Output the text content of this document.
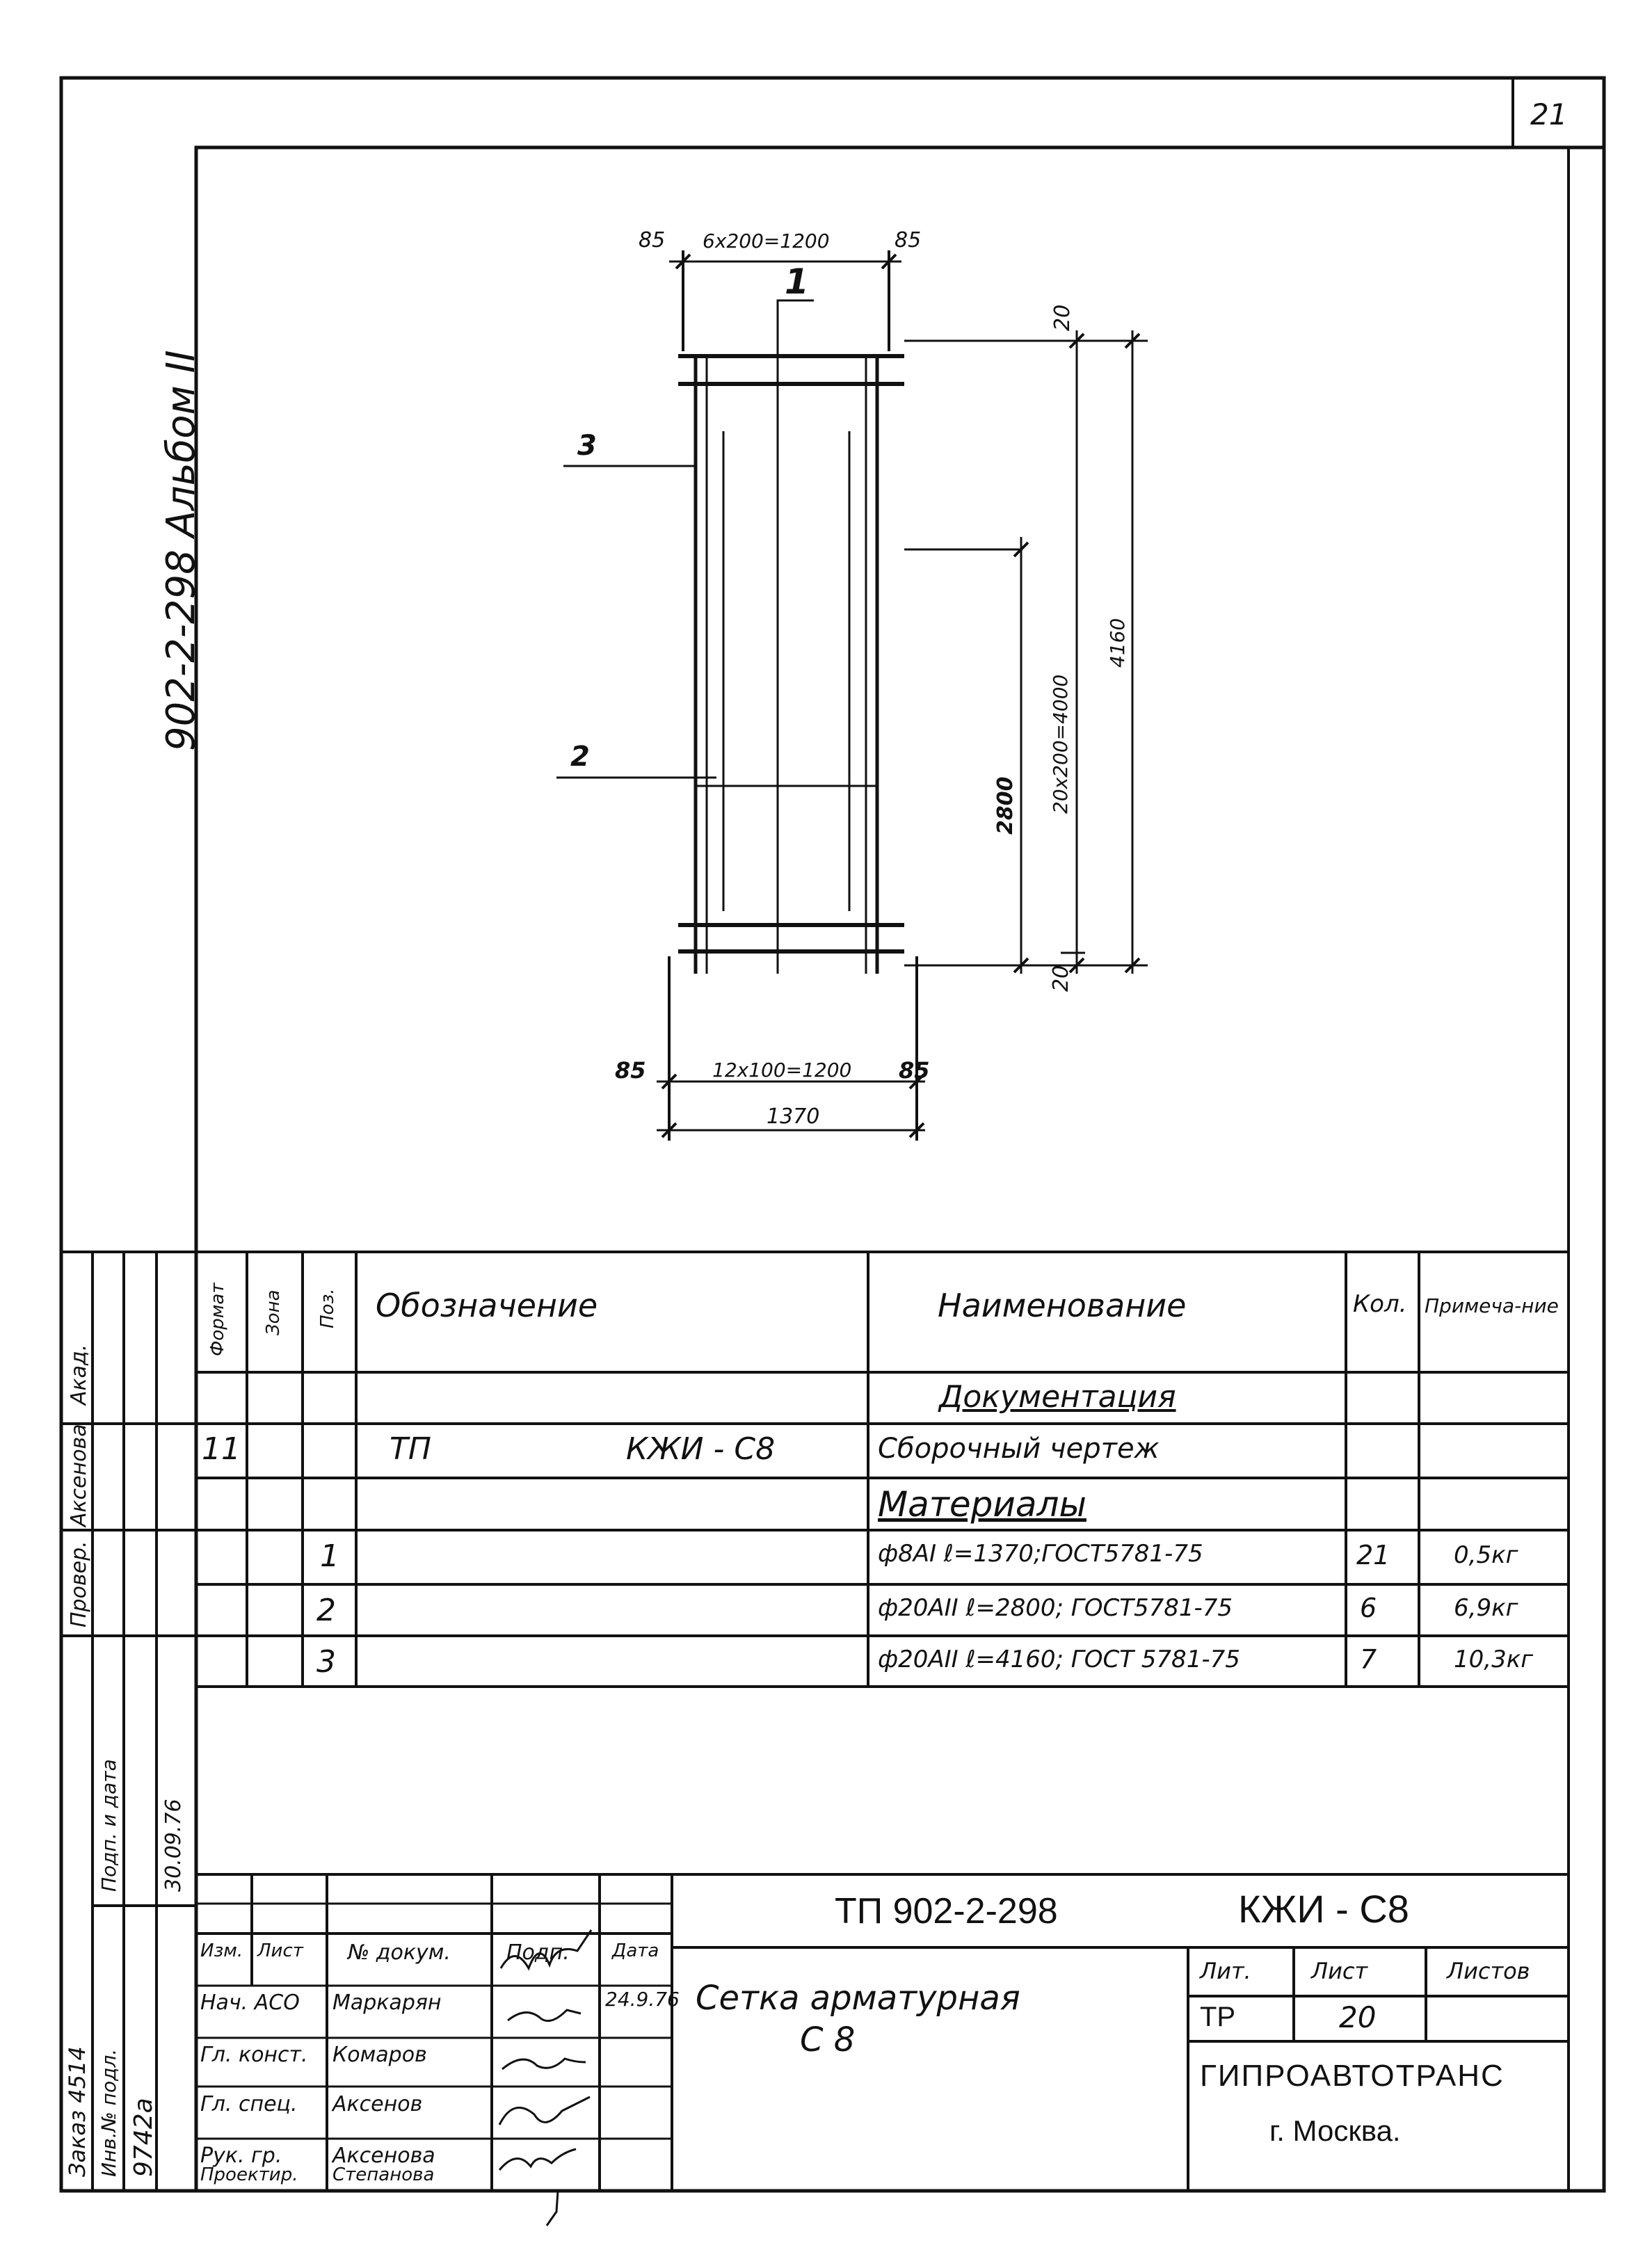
21
902-2-298 Альбом II
85 6x200=1200	85
1
3
2
85	12x100=1200 85
1370
20
20
2800 20x200=4000
4160
Формат Зона Поз. Обозначение	Наименование	Кол. Примеча-ние
Документация
11	ТП	КЖИ - С8	Сборочный чертеж
Материалы
1	ф8AI ℓ=1370;ГОСТ5781-75	21	0,5кг
2	ф20AII ℓ=2800; ГОСТ5781-75	6	6,9кг
3	ф20AII ℓ=4160; ГОСТ 5781-75	7	10,3кг
Заказ 4514 Инв.№ подл. 9742а
Подп. и дата 30.09.76
Провер.
Аксенова
Акад.
ТП 902-2-298	КЖИ - С8
Изм. Лист № докум.	Подп. Дата
Нач. ACO Маркарян	24.9.76
Гл. конст. Комаров
Гл. спец. Аксенов
Рук. гр. Аксенова
Проектир. Степанова
Сетка арматурная
С 8
Лит.	Лист	Листов
ТР	20
ГИПРОАВТОТРАНС
г. Москва.
